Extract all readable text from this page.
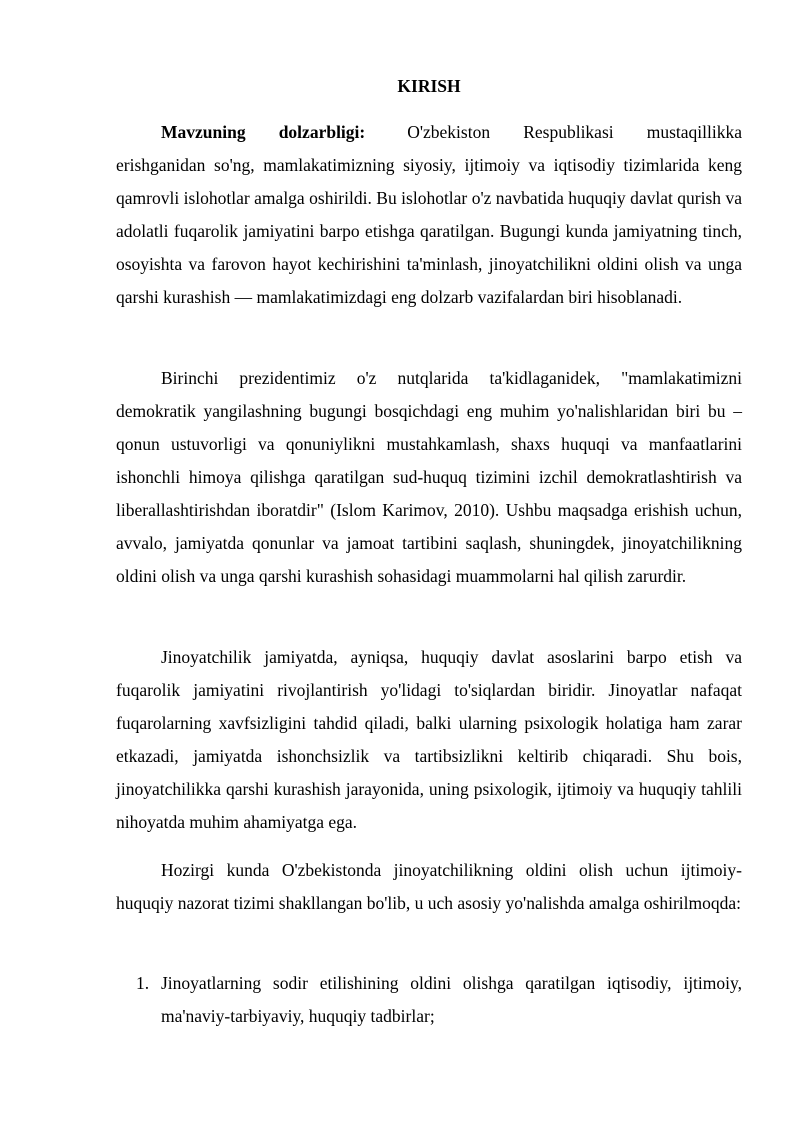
KIRISH

Mavzuning dolzarbligi: O'zbekiston Respublikasi mustaqillikka erishganidan so'ng, mamlakatimizning siyosiy, ijtimoiy va iqtisodiy tizimlarida keng qamrovli islohotlar amalga oshirildi. Bu islohotlar o'z navbatida huquqiy davlat qurish va adolatli fuqarolik jamiyatini barpo etishga qaratilgan. Bugungi kunda jamiyatning tinch, osoyishta va farovon hayot kechirishini ta'minlash, jinoyatchilikni oldini olish va unga qarshi kurashish — mamlakatimizdagi eng dolzarb vazifalardan biri hisoblanadi.

Birinchi prezidentimiz o'z nutqlarida ta'kidlaganidek, "mamlakatimizni demokratik yangilashning bugungi bosqichdagi eng muhim yo'nalishlaridan biri bu – qonun ustuvorligi va qonuniylikni mustahkamlash, shaxs huquqi va manfaatlarini ishonchli himoya qilishga qaratilgan sud-huquq tizimini izchil demokratlashtirish va liberallashtirishdan iboratdir" (Islom Karimov, 2010). Ushbu maqsadga erishish uchun, avvalo, jamiyatda qonunlar va jamoat tartibini saqlash, shuningdek, jinoyatchilikning oldini olish va unga qarshi kurashish sohasidagi muammolarni hal qilish zarurdir.

Jinoyatchilik jamiyatda, ayniqsa, huquqiy davlat asoslarini barpo etish va fuqarolik jamiyatini rivojlantirish yo'lidagi to'siqlardan biridir. Jinoyatlar nafaqat fuqarolarning xavfsizligini tahdid qiladi, balki ularning psixologik holatiga ham zarar etkazadi, jamiyatda ishonchsizlik va tartibsizlikni keltirib chiqaradi. Shu bois, jinoyatchilikka qarshi kurashish jarayonida, uning psixologik, ijtimoiy va huquqiy tahlili nihoyatda muhim ahamiyatga ega.

Hozirgi kunda O'zbekistonda jinoyatchilikning oldini olish uchun ijtimoiy-huquqiy nazorat tizimi shakllangan bo'lib, u uch asosiy yo'nalishda amalga oshirilmoqda:

1. Jinoyatlarning sodir etilishining oldini olishga qaratilgan iqtisodiy, ijtimoiy, ma'naviy-tarbiyaviy, huquqiy tadbirlar;
